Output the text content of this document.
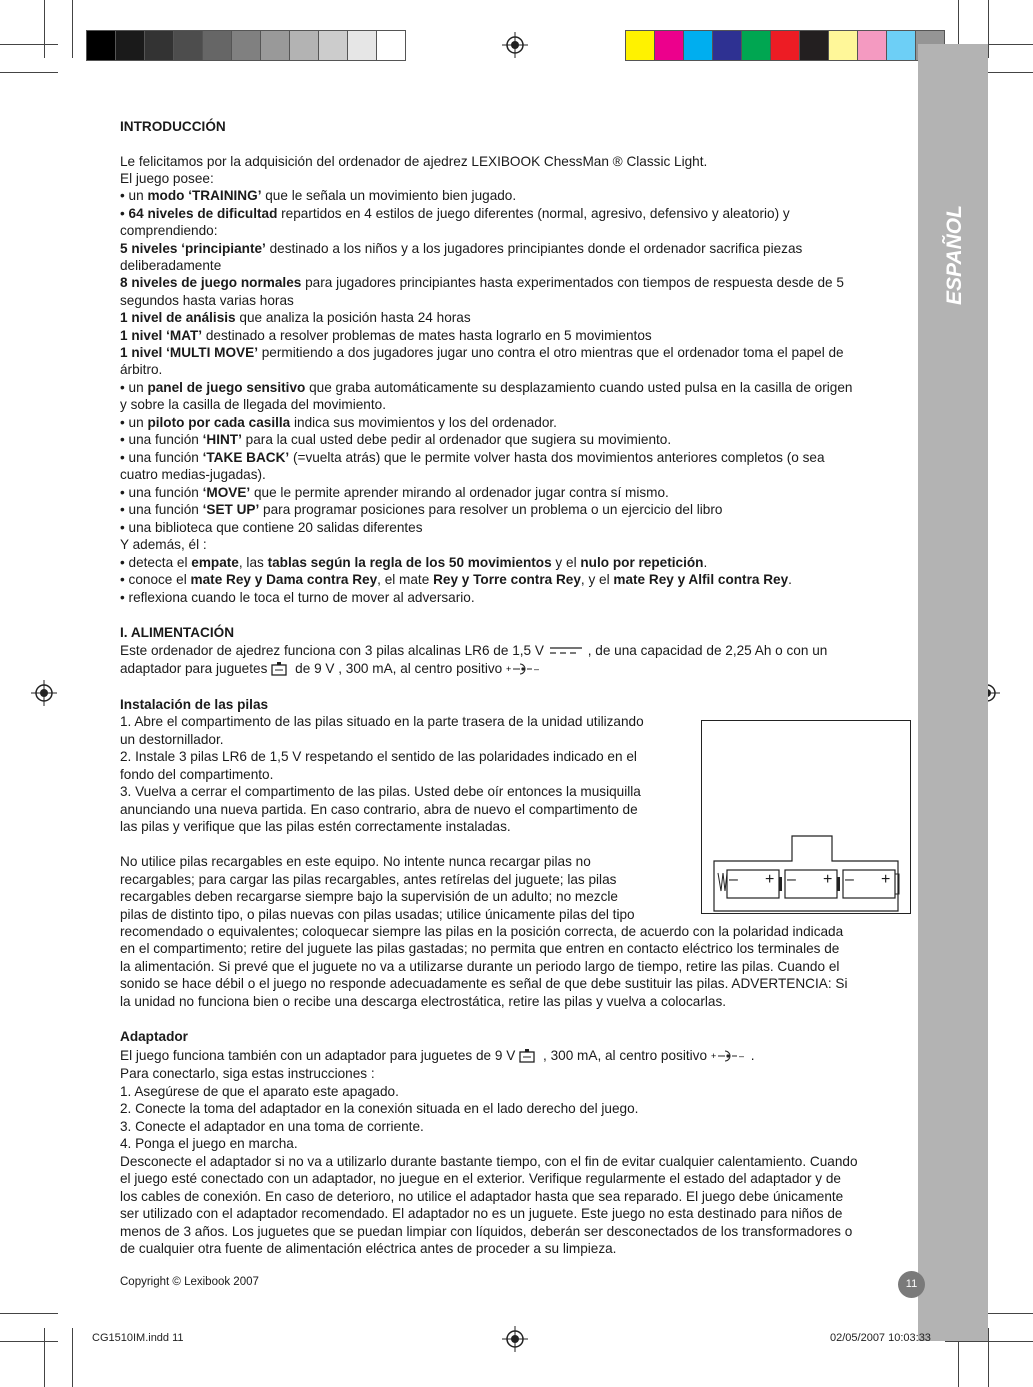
ESPAÑOL
INTRODUCCIÓN
Le felicitamos por la adquisición del ordenador de ajedrez LEXIBOOK ChessMan ® Classic Light.
El juego posee:
• un modo ‘TRAINING’ que le señala un movimiento bien jugado.
• 64 niveles de dificultad repartidos en 4 estilos de juego diferentes (normal, agresivo, defensivo y aleatorio) y
comprendiendo:
5 niveles ‘principiante’ destinado a los niños y a los jugadores principiantes donde el ordenador sacrifica piezas
deliberadamente
8 niveles de juego normales para jugadores principiantes hasta experimentados con tiempos de respuesta desde de 5
segundos hasta varias horas
1 nivel de análisis que analiza la posición hasta 24 horas
1 nivel ‘MAT’ destinado a resolver problemas de mates hasta lograrlo en 5 movimientos
1 nivel ‘MULTI MOVE’ permitiendo a dos jugadores jugar uno contra el otro mientras que el ordenador toma el papel de
árbitro.
• un panel de juego sensitivo que graba automáticamente su desplazamiento cuando usted pulsa en la casilla de origen
y sobre la casilla de llegada del movimiento.
• un piloto por cada casilla indica sus movimientos y los del ordenador.
• una función ‘HINT’ para la cual usted debe pedir al ordenador que sugiera su movimiento.
• una función ‘TAKE BACK’ (=vuelta atrás) que le permite volver hasta dos movimientos anteriores completos (o sea
cuatro medias-jugadas).
• una función ‘MOVE’ que le permite aprender mirando al ordenador jugar contra sí mismo.
• una función ‘SET UP’ para programar posiciones para resolver un problema o un ejercicio del libro
• una biblioteca que contiene 20 salidas diferentes
Y además, él :
• detecta el empate, las tablas según la regla de los 50 movimientos y el nulo por repetición.
• conoce el mate Rey y Dama contra Rey, el mate Rey y Torre contra Rey, y el mate Rey y Alfil contra Rey.
• reflexiona cuando le toca el turno de mover al adversario.
I. ALIMENTACIÓN
Este ordenador de ajedrez funciona con 3 pilas alcalinas LR6 de 1,5 V	, de una capacidad de 2,25 Ah o con un
adaptador para juguetes de 9 V , 300 mA, al centro positivo +	–
Instalación de las pilas
1. Abre el compartimento de las pilas situado en la parte trasera de la unidad utilizando
un destornillador.
2. Instale 3 pilas LR6 de 1,5 V respetando el sentido de las polaridades indicado en el
fondo del compartimento.
3. Vuelva a cerrar el compartimento de las pilas. Usted debe oír entonces la musiquilla
anunciando una nueva partida. En caso contrario, abra de nuevo el compartimento de
las pilas y verifique que las pilas estén correctamente instaladas.
No utilice pilas recargables en este equipo. No intente nunca recargar pilas no
recargables; para cargar las pilas recargables, antes retírelas del juguete; las pilas
recargables deben recargarse siempre bajo la supervisión de un adulto; no mezcle
pilas de distinto tipo, o pilas nuevas con pilas usadas; utilice únicamente pilas del tipo
recomendado o equivalentes; coloquecar siempre las pilas en la posición correcta, de acuerdo con la polaridad indicada
en el compartimento; retire del juguete las pilas gastadas; no permita que entren en contacto eléctrico los terminales de
la alimentación. Si prevé que el juguete no va a utilizarse durante un periodo largo de tiempo, retire las pilas. Cuando el
sonido se hace débil o el juego no responde adecuadamente es señal de que debe sustituir las pilas. ADVERTENCIA: Si
la unidad no funciona bien o recibe una descarga electrostática, retire las pilas y vuelva a colocarlas.
– + – + – +
Adaptador
El juego funciona también con un adaptador para juguetes de 9 V , 300 mA, al centro positivo +	– .
Para conectarlo, siga estas instrucciones :
1. Asegúrese de que el aparato este apagado.
2. Conecte la toma del adaptador en la conexión situada en el lado derecho del juego.
3. Conecte el adaptador en una toma de corriente.
4. Ponga el juego en marcha.
Desconecte el adaptador si no va a utilizarlo durante bastante tiempo, con el fin de evitar cualquier calentamiento. Cuando
el juego esté conectado con un adaptador, no juegue en el exterior. Verifique regularmente el estado del adaptador y de
los cables de conexión. En caso de deterioro, no utilice el adaptador hasta que sea reparado. El juego debe únicamente
ser utilizado con el adaptador recomendado. El adaptador no es un juguete. Este juego no esta destinado para niños de
menos de 3 años. Los juguetes que se puedan limpiar con líquidos, deberán ser desconectados de los transformadores o
de cualquier otra fuente de alimentación eléctrica antes de proceder a su limpieza.
Copyright © Lexibook 2007	11
CG1510IM.indd 11	02/05/2007 10:03:33
